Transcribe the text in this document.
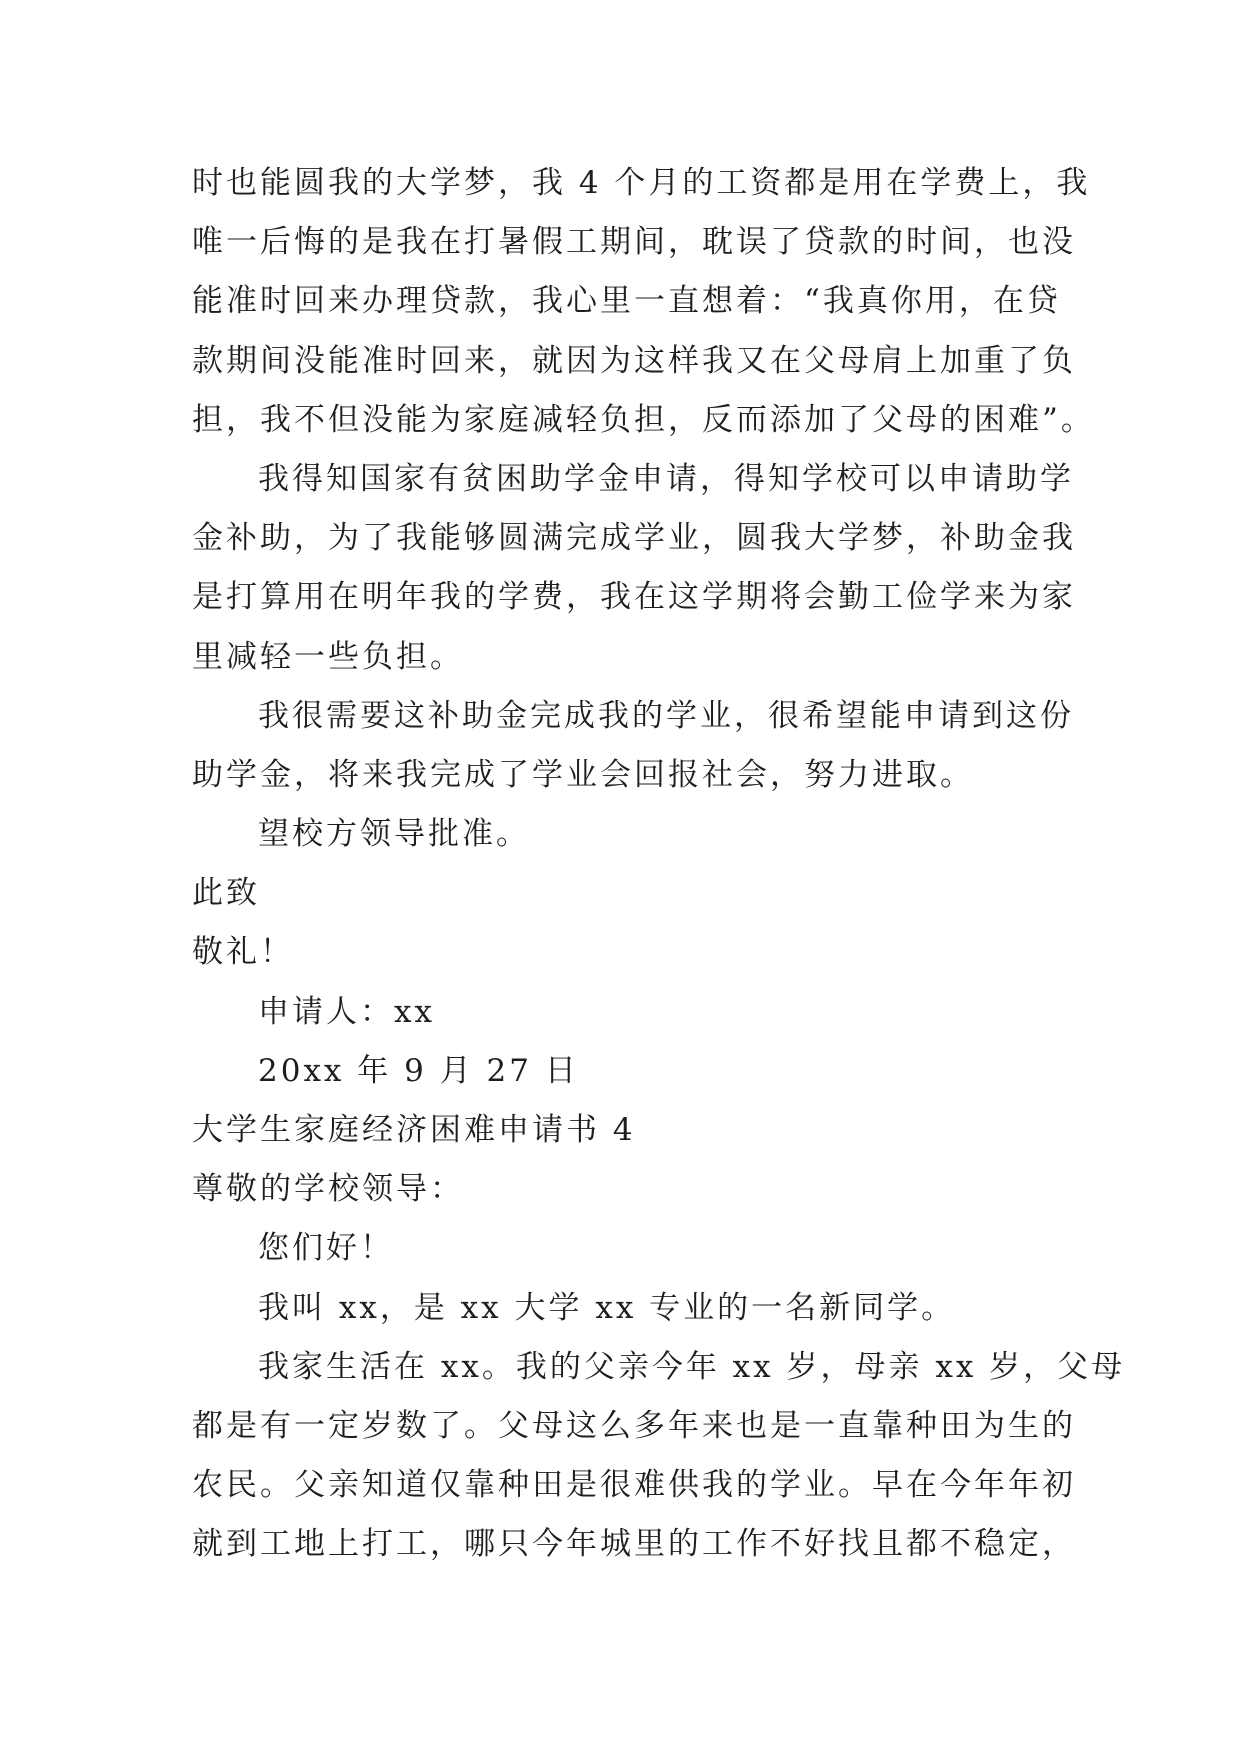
时也能圆我的大学梦，我 4 个月的工资都是用在学费上，我
唯一后悔的是我在打暑假工期间，耽误了贷款的时间，也没
能准时回来办理贷款，我心里一直想着：“我真你用，在贷
款期间没能准时回来，就因为这样我又在父母肩上加重了负
担，我不但没能为家庭减轻负担，反而添加了父母的困难”。
我得知国家有贫困助学金申请，得知学校可以申请助学
金补助，为了我能够圆满完成学业，圆我大学梦，补助金我
是打算用在明年我的学费，我在这学期将会勤工俭学来为家
里减轻一些负担。
我很需要这补助金完成我的学业，很希望能申请到这份
助学金，将来我完成了学业会回报社会，努力进取。
望校方领导批准。
此致
敬礼！
申请人：xx
20xx 年 9 月 27 日
大学生家庭经济困难申请书 4
尊敬的学校领导：
您们好！
我叫 xx，是 xx 大学 xx 专业的一名新同学。
我家生活在 xx。我的父亲今年 xx 岁，母亲 xx 岁，父母
都是有一定岁数了。父母这么多年来也是一直靠种田为生的
农民。父亲知道仅靠种田是很难供我的学业。早在今年年初
就到工地上打工，哪只今年城里的工作不好找且都不稳定，
